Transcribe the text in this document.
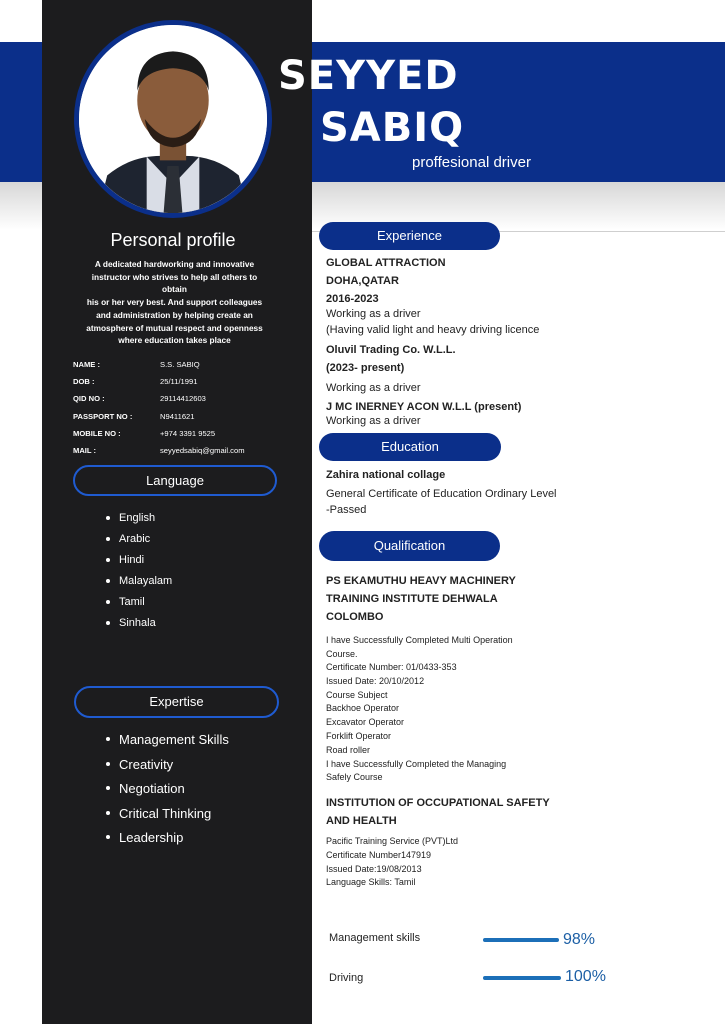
SEYYED
SABIQ
proffesional driver
Personal profile
A dedicated hardworking and innovative
instructor who strives to help all others to
obtain
his or her very best. And support colleagues
and administration by helping create an
atmosphere of mutual respect and openness
where education takes place
NAME :	S.S. SABIQ
DOB :	25/11/1991
QID NO :	29114412603
PASSPORT NO :	N9411621
MOBILE NO :	+974 3391 9525
MAIL :	seyyedsabiq@gmail.com
Language
English
Arabic
Hindi
Malayalam
Tamil
Sinhala
Expertise
Management Skills
Creativity
Negotiation
Critical Thinking
Leadership
Experience
GLOBAL ATTRACTION
DOHA,QATAR
2016-2023
Working as a driver
(Having valid light and heavy driving licence
Oluvil Trading Co. W.L.L.
(2023- present)
Working as a driver
J MC INERNEY ACON W.L.L (present)
Working as a driver
Education
Zahira national collage
General Certificate of Education Ordinary Level
-Passed
Qualification
PS EKAMUTHU HEAVY MACHINERY
TRAINING INSTITUTE DEHWALA
COLOMBO
I have Successfully Completed Multi Operation
Course.
Certificate Number: 01/0433-353
Issued Date: 20/10/2012
Course Subject
Backhoe Operator
Excavator Operator
Forklift Operator
Road roller
I have Successfully Completed the Managing
Safely Course
INSTITUTION OF OCCUPATIONAL SAFETY
AND HEALTH
Pacific Training Service (PVT)Ltd
Certificate Number147919
Issued Date:19/08/2013
Language Skills: Tamil
Management skills	98%
Driving	100%
